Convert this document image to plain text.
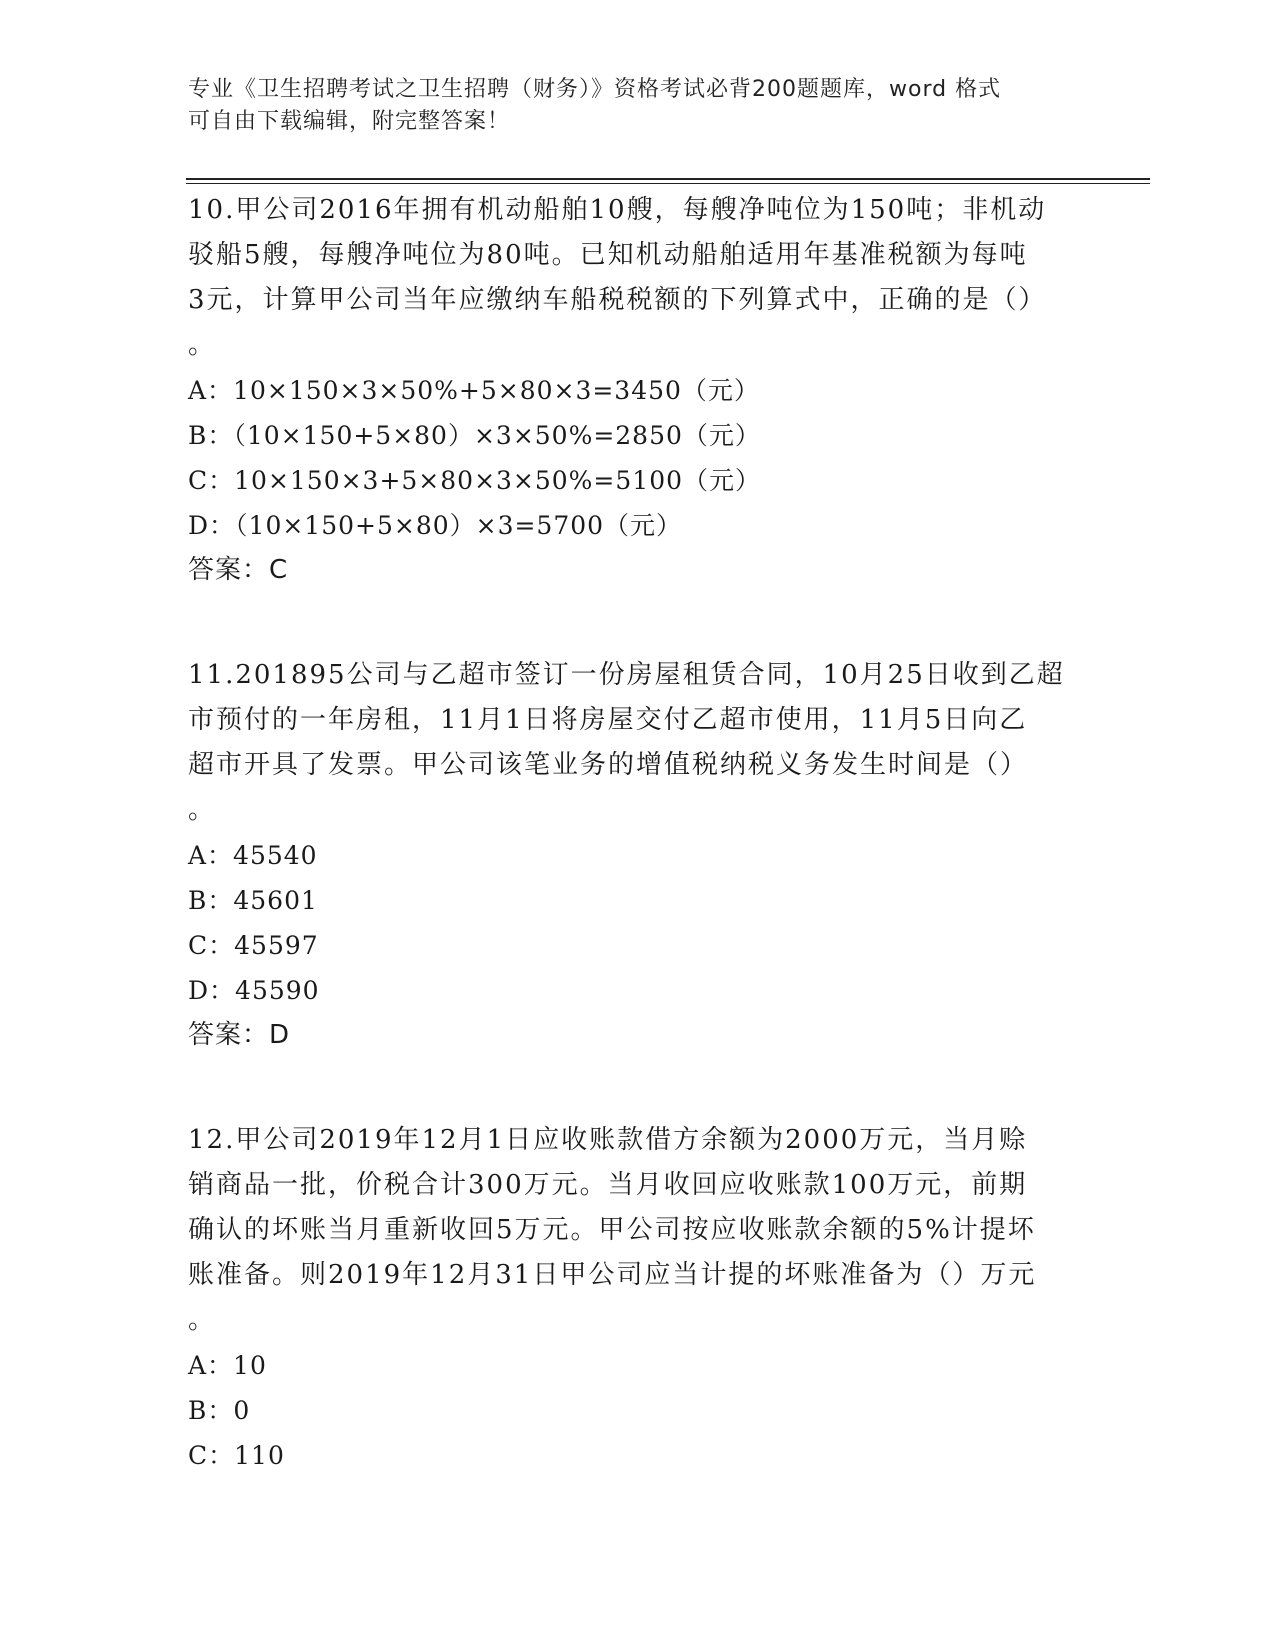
专业《卫生招聘考试之卫生招聘（财务）》资格考试必背200题题库，word 格式
可自由下载编辑，附完整答案！
10.甲公司2016年拥有机动船舶10艘，每艘净吨位为150吨；非机动
驳船5艘，每艘净吨位为80吨。已知机动船舶适用年基准税额为每吨
3元，计算甲公司当年应缴纳车船税税额的下列算式中，正确的是（）
。
A：10×150×3×50%+5×80×3=3450（元）
B：（10×150+5×80）×3×50%=2850（元）
C：10×150×3+5×80×3×50%=5100（元）
D：（10×150+5×80）×3=5700（元）
答案：C
11.201895公司与乙超市签订一份房屋租赁合同，10月25日收到乙超
市预付的一年房租，11月1日将房屋交付乙超市使用，11月5日向乙
超市开具了发票。甲公司该笔业务的增值税纳税义务发生时间是（）
。
A：45540
B：45601
C：45597
D：45590
答案：D
12.甲公司2019年12月1日应收账款借方余额为2000万元，当月赊
销商品一批，价税合计300万元。当月收回应收账款100万元，前期
确认的坏账当月重新收回5万元。甲公司按应收账款余额的5%计提坏
账准备。则2019年12月31日甲公司应当计提的坏账准备为（）万元
。
A：10
B：0
C：110
